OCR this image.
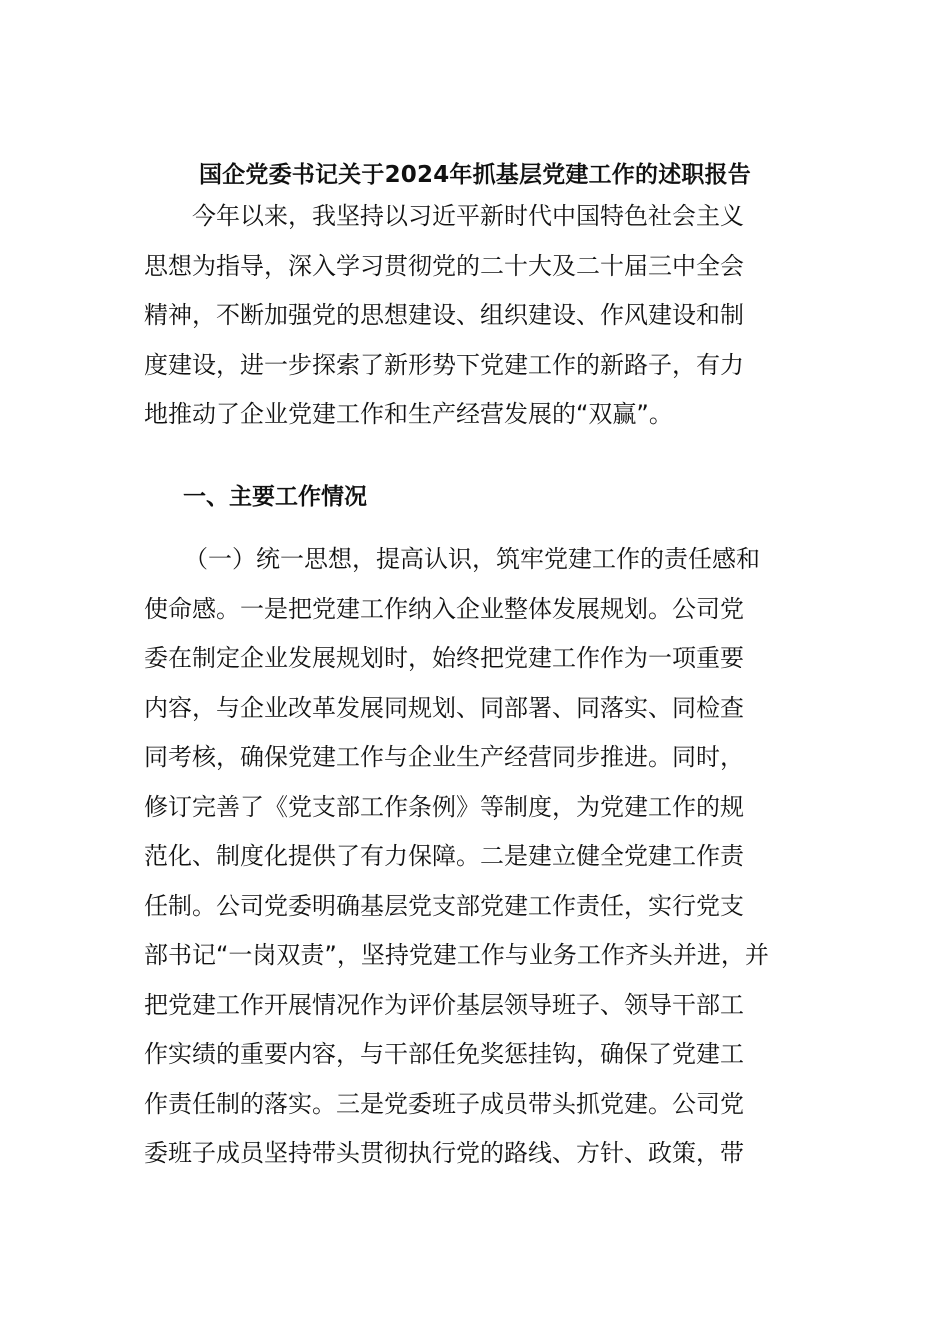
国企党委书记关于2024年抓基层党建工作的述职报告
今年以来，我坚持以习近平新时代中国特色社会主义
思想为指导，深入学习贯彻党的二十大及二十届三中全会
精神，不断加强党的思想建设、组织建设、作风建设和制
度建设，进一步探索了新形势下党建工作的新路子，有力
地推动了企业党建工作和生产经营发展的“双赢”。
一、主要工作情况
（一）统一思想，提高认识，筑牢党建工作的责任感和
使命感。一是把党建工作纳入企业整体发展规划。公司党
委在制定企业发展规划时，始终把党建工作作为一项重要
内容，与企业改革发展同规划、同部署、同落实、同检查
同考核，确保党建工作与企业生产经营同步推进。同时，
修订完善了《党支部工作条例》等制度，为党建工作的规
范化、制度化提供了有力保障。二是建立健全党建工作责
任制。公司党委明确基层党支部党建工作责任，实行党支
部书记“一岗双责”，坚持党建工作与业务工作齐头并进，并
把党建工作开展情况作为评价基层领导班子、领导干部工
作实绩的重要内容，与干部任免奖惩挂钩，确保了党建工
作责任制的落实。三是党委班子成员带头抓党建。公司党
委班子成员坚持带头贯彻执行党的路线、方针、政策，带
